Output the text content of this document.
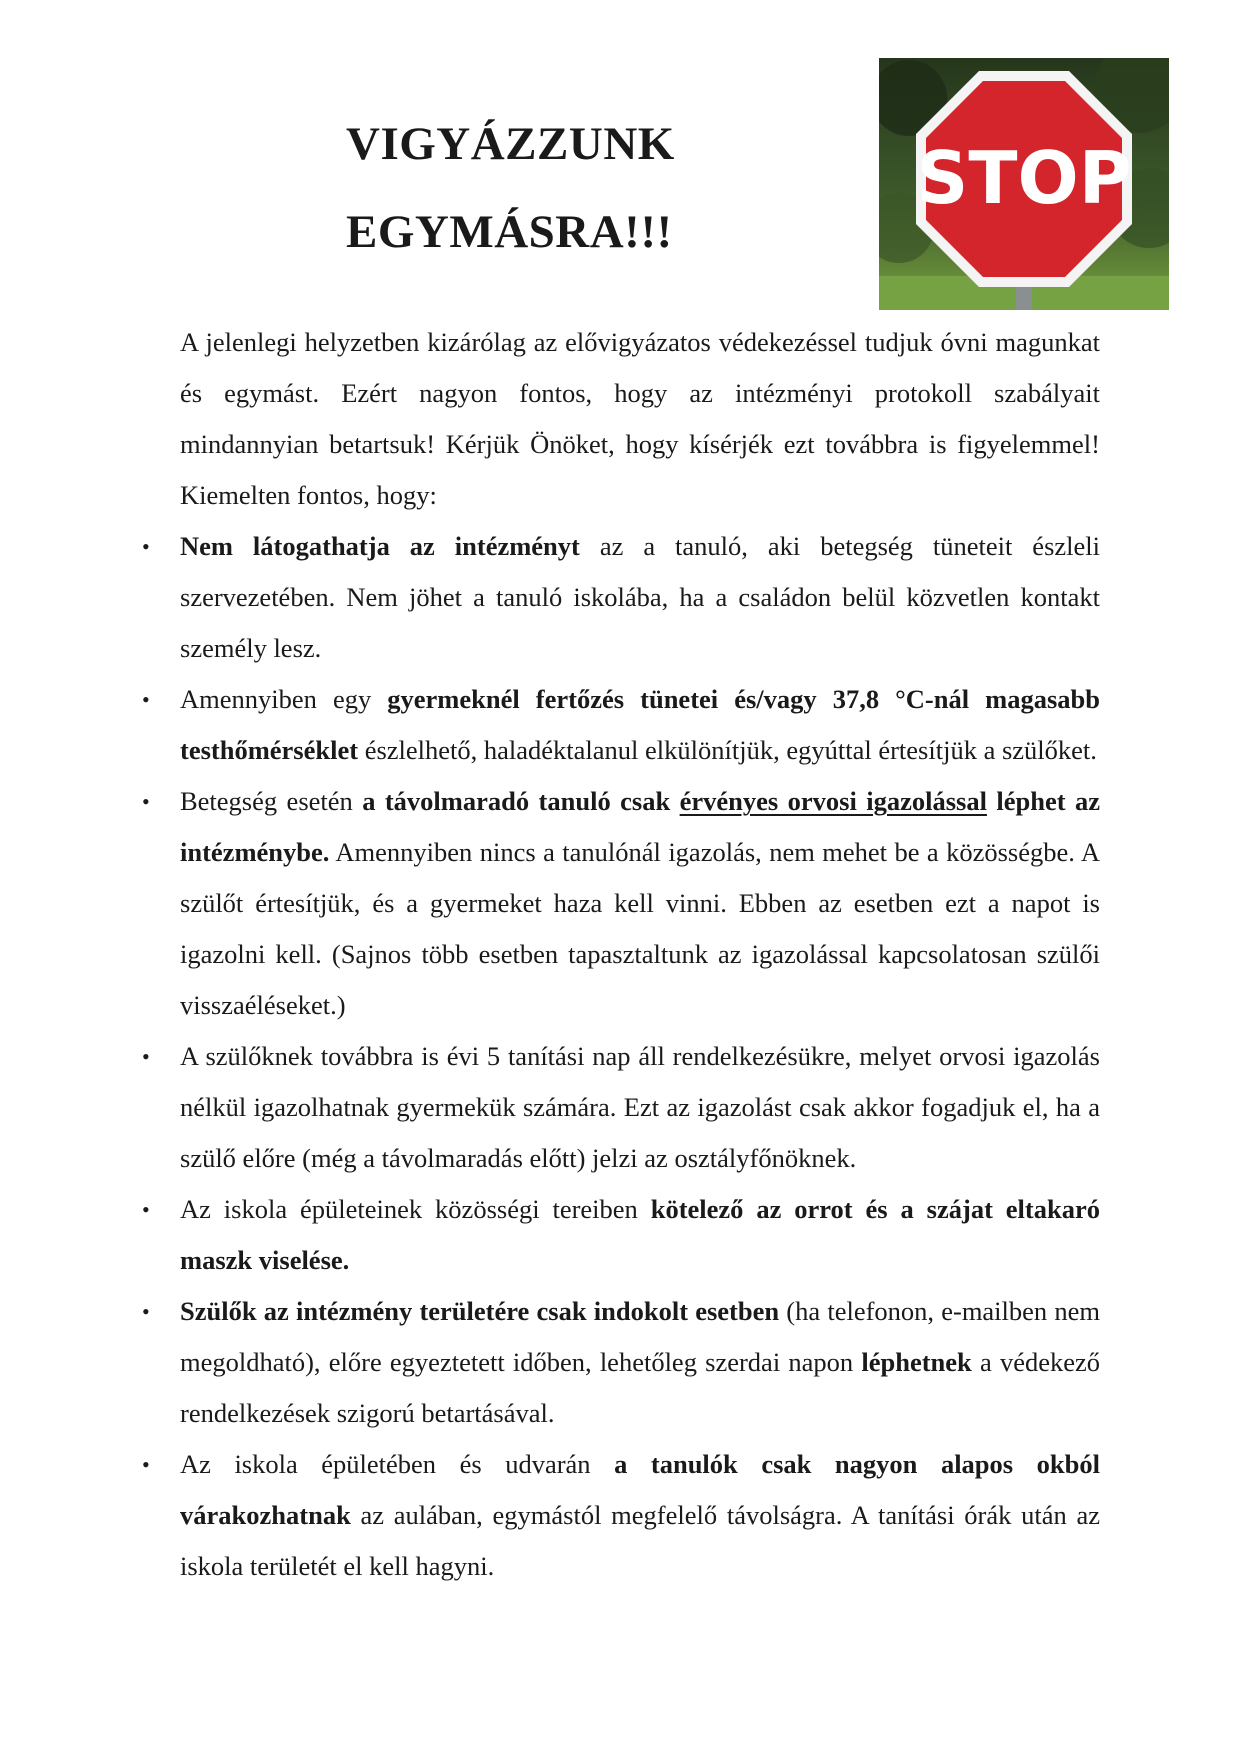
VIGYÁZZUNK
EGYMÁSRA!!!
STOP

A jelenlegi helyzetben kizárólag az elővigyázatos védekezéssel tudjuk óvni magunkat és egymást. Ezért nagyon fontos, hogy az intézményi protokoll szabályait mindannyian betartsuk! Kérjük Önöket, hogy kísérjék ezt továbbra is figyelemmel! Kiemelten fontos, hogy:

• Nem látogathatja az intézményt az a tanuló, aki betegség tüneteit észleli szervezetében. Nem jöhet a tanuló iskolába, ha a családon belül közvetlen kontakt személy lesz.
• Amennyiben egy gyermeknél fertőzés tünetei és/vagy 37,8 °C-nál magasabb testhőmérséklet észlelhető, haladéktalanul elkülönítjük, egyúttal értesítjük a szülőket.
• Betegség esetén a távolmaradó tanuló csak érvényes orvosi igazolással léphet az intézménybe. Amennyiben nincs a tanulónál igazolás, nem mehet be a közösségbe. A szülőt értesítjük, és a gyermeket haza kell vinni. Ebben az esetben ezt a napot is igazolni kell. (Sajnos több esetben tapasztaltunk az igazolással kapcsolatosan szülői visszaéléseket.)
• A szülőknek továbbra is évi 5 tanítási nap áll rendelkezésükre, melyet orvosi igazolás nélkül igazolhatnak gyermekük számára. Ezt az igazolást csak akkor fogadjuk el, ha a szülő előre (még a távolmaradás előtt) jelzi az osztályfőnöknek.
• Az iskola épületeinek közösségi tereiben kötelező az orrot és a szájat eltakaró maszk viselése.
• Szülők az intézmény területére csak indokolt esetben (ha telefonon, e-mailben nem megoldható), előre egyeztetett időben, lehetőleg szerdai napon léphetnek a védekező rendelkezések szigorú betartásával.
• Az iskola épületében és udvarán a tanulók csak nagyon alapos okból várakozhatnak az aulában, egymástól megfelelő távolságra. A tanítási órák után az iskola területét el kell hagyni.
